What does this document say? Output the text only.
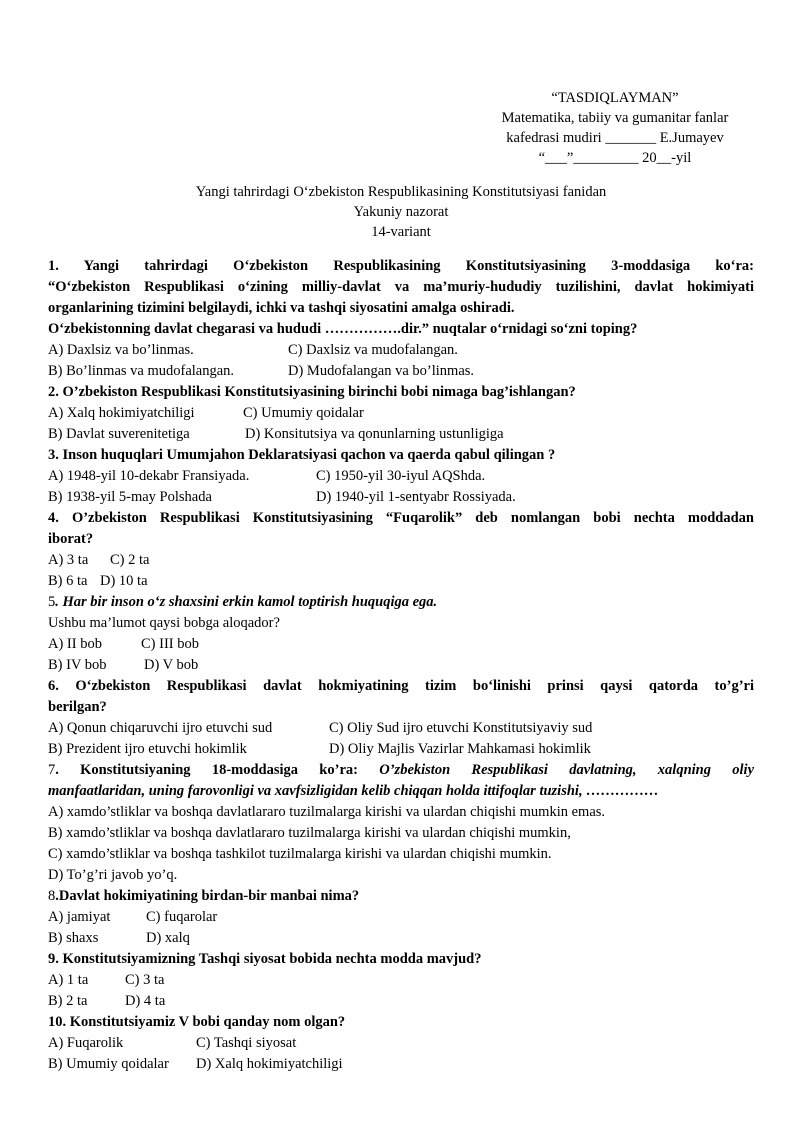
“TASDIQLAYMAN”
Matematika, tabiiy va gumanitar fanlar
kafedrasi mudiri _______ E.Jumayev
“___”_________ 20__-yil
Yangi tahrirdagi O‘zbekiston Respublikasining Konstitutsiyasi fanidan
Yakuniy nazorat
14-variant
1. Yangi tahrirdagi O‘zbekiston Respublikasining Konstitutsiyasining 3-moddasiga ko‘ra:
“O‘zbekiston Respublikasi o‘zining milliy-davlat va ma’muriy-hududiy tuzilishini, davlat hokimiyati
organlarining tizimini belgilaydi, ichki va tashqi siyosatini amalga oshiradi.
O‘zbekistonning davlat chegarasi va hududi …………….dir.” nuqtalar o‘rnidagi so‘zni toping?
A) Daxlsiz va bo’linmas.	C) Daxlsiz va mudofalangan.
B) Bo’linmas va mudofalangan.	D) Mudofalangan va bo’linmas.
2. O’zbekiston Respublikasi Konstitutsiyasining birinchi bobi nimaga bag’ishlangan?
A) Xalq hokimiyatchiligi	C) Umumiy qoidalar
B) Davlat suverenitetiga	D) Konsitutsiya va qonunlarning ustunligiga
3. Inson huquqlari Umumjahon Deklaratsiyasi qachon va qaerda qabul qilingan ?
A) 1948-yil 10-dekabr Fransiyada.	C) 1950-yil 30-iyul AQShda.
B) 1938-yil 5-may Polshada	D) 1940-yil 1-sentyabr Rossiyada.
4. O’zbekiston Respublikasi Konstitutsiyasining “Fuqarolik” deb nomlangan bobi nechta moddadan
iborat?
A) 3 ta C) 2 ta
B) 6 ta D) 10 ta
5. Har bir inson o‘z shaxsini erkin kamol toptirish huquqiga ega.
Ushbu ma’lumot qaysi bobga aloqador?
A) II bob	C) III bob
B) IV bob	D) V bob
6. O‘zbekiston Respublikasi davlat hokmiyatining tizim bo‘linishi prinsi qaysi qatorda to’g’ri
berilgan?
A) Qonun chiqaruvchi ijro etuvchi sud	C) Oliy Sud ijro etuvchi Konstitutsiyaviy sud
B) Prezident ijro etuvchi hokimlik	D) Oliy Majlis Vazirlar Mahkamasi hokimlik
7. Konstitutsiyaning 18-moddasiga ko’ra: O’zbekiston Respublikasi davlatning, xalqning oliy
manfaatlaridan, uning farovonligi va xavfsizligidan kelib chiqqan holda ittifoqlar tuzishi, ……………
A) xamdo’stliklar va boshqa davlatlararo tuzilmalarga kirishi va ulardan chiqishi mumkin emas.
B) xamdo’stliklar va boshqa davlatlararo tuzilmalarga kirishi va ulardan chiqishi mumkin,
C) xamdo’stliklar va boshqa tashkilot tuzilmalarga kirishi va ulardan chiqishi mumkin.
D) To’g’ri javob yo’q.
8.Davlat hokimiyatining birdan-bir manbai nima?
A) jamiyat C) fuqarolar
B) shaxs	D) xalq
9. Konstitutsiyamizning Tashqi siyosat bobida nechta modda mavjud?
A) 1 ta	C) 3 ta
B) 2 ta	D) 4 ta
10. Konstitutsiyamiz V bobi qanday nom olgan?
A) Fuqarolik	C) Tashqi siyosat
B) Umumiy qoidalar D) Xalq hokimiyatchiligi
